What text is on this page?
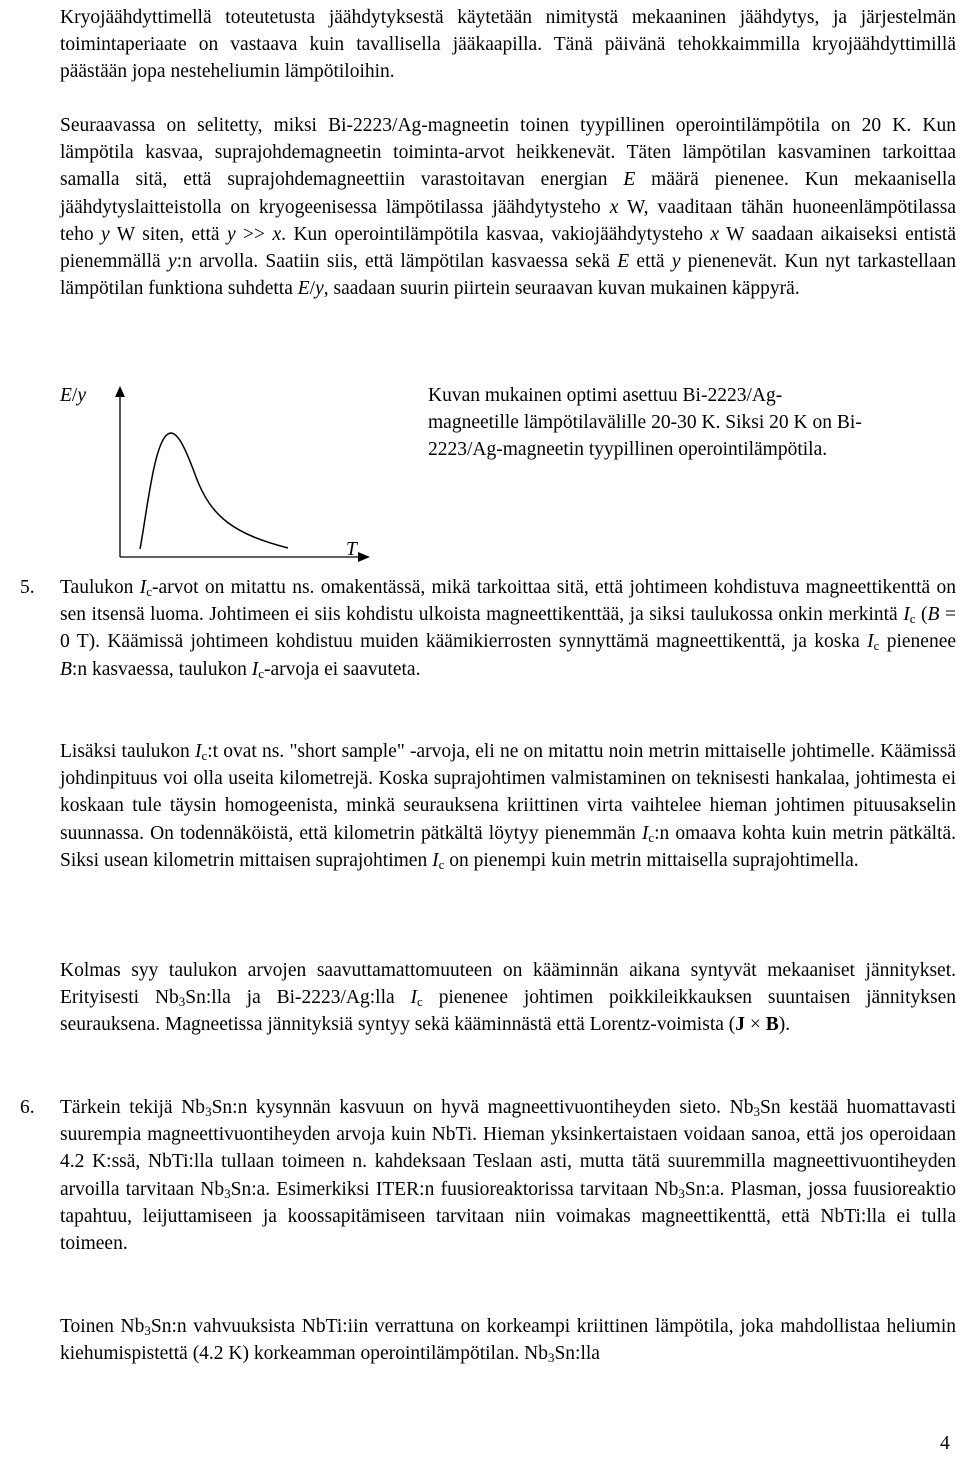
Kryojäähdyttimellä toteutetusta jäähdytyksestä käytetään nimitystä mekaaninen jäähdytys, ja järjestelmän toimintaperiaate on vastaava kuin tavallisella jääkaapilla. Tänä päivänä tehokkaimmilla kryojäähdyttimillä päästään jopa nesteheliumin lämpötiloihin.

Seuraavassa on selitetty, miksi Bi-2223/Ag-magneetin toinen tyypillinen operointilämpötila on 20 K. Kun lämpötila kasvaa, suprajohdemagneetin toiminta-arvot heikkenevät. Täten lämpötilan kasvaminen tarkoittaa samalla sitä, että suprajohdemagneettiin varastoitavan energian E määrä pienenee. Kun mekaanisella jäähdytyslaitteistolla on kryogeenisessa lämpötilassa jäähdytysteho x W, vaaditaan tähän huoneenlämpötilassa teho y W siten, että y >> x. Kun operointilämpötila kasvaa, vakiojäähdytysteho x W saadaan aikaiseksi entistä pienemmällä y:n arvolla. Saatiin siis, että lämpötilan kasvaessa sekä E että y pienenevät. Kun nyt tarkastellaan lämpötilan funktiona suhdetta E/y, saadaan suurin piirtein seuraavan kuvan mukainen käppyrä.

E/y
T
Kuvan mukainen optimi asettuu Bi-2223/Ag-magneetille lämpötilavälille 20-30 K. Siksi 20 K on Bi-2223/Ag-magneetin tyypillinen operointilämpötila.
5. Taulukon $I_c$-arvot on mitattu ns. omakentässä, mikä tarkoittaa sitä, että johtimeen kohdistuva magneettikenttä on sen itsensä luoma. Johtimeen ei siis kohdistu ulkoista magneettikenttää, ja siksi taulukossa onkin merkintä $I_c$ (B = 0 T). Käämissä johtimeen kohdistuu muiden käämikierrosten synnyttämä magneettikenttä, ja koska $I_c$ pienenee B:n kasvaessa, taulukon $I_c$-arvoja ei saavuteta.

Lisäksi taulukon $I_c:t$ ovat ns. "short sample" -arvoja, eli ne on mitattu noin metrin mittaiselle johtimelle. Käämissä johdinpituus voi olla useita kilometrejä. Koska suprajohtimen valmistaminen on teknisesti hankalaa, johtimesta ei koskaan tule täysin homogeenista, minkä seurauksena kriittinen virta vaihtelee hieman johtimen pituusakselin suunnassa. On todennäköistä, että kilometrin pätkältä löytyy pienemmän $I_c:n$ omaava kohta kuin metrin pätkältä. Siksi usean kilometrin mittaisen suprajohtimen $I_c$ on pienempi kuin metrin mittaisella suprajohtimella.

Kolmas syy taulukon arvojen saavuttamattomuuteen on kääminnän aikana syntyvät mekaaniset jännitykset. Erityisesti $Nb_3Sn:lla$ ja Bi-2223/Ag:lla $I_c$ pienenee johtimen poikkileikkauksen suuntaisen jännityksen seurauksena. Magneetissa jännityksiä syntyy sekä kääminnästä että Lorentz-voimista (J × B).

6. Tärkein tekijä $Nb_3Sn:n$ kysynnän kasvuun on hyvä magneettivuontiheyden sieto. $Nb_3Sn$ kestää huomattavasti suurempia magneettivuontiheyden arvoja kuin NbTi. Hieman yksinkertaistaen voidaan sanoa, että jos operoidaan 4.2 K:ssä, NbTi:lla tullaan toimeen n. kahdeksaan Teslaan asti, mutta tätä suuremmilla magneettivuontiheyden arvoilla tarvitaan $Nb_3Sn:a$. Esimerkiksi ITER:n fuusioreaktorissa tarvitaan $Nb_3Sn:a$. Plasman, jossa fuusioreaktio tapahtuu, leijuttamiseen ja koossapitämiseen tarvitaan niin voimakas magneettikenttä, että NbTi:lla ei tulla toimeen.

Toinen $Nb_3Sn:n$ vahvuuksista NbTi:iin verrattuna on korkeampi kriittinen lämpötila, joka mahdollistaa heliumin kiehumispistettä (4.2 K) korkeamman operointilämpötilan. $Nb_3Sn:lla$

4
